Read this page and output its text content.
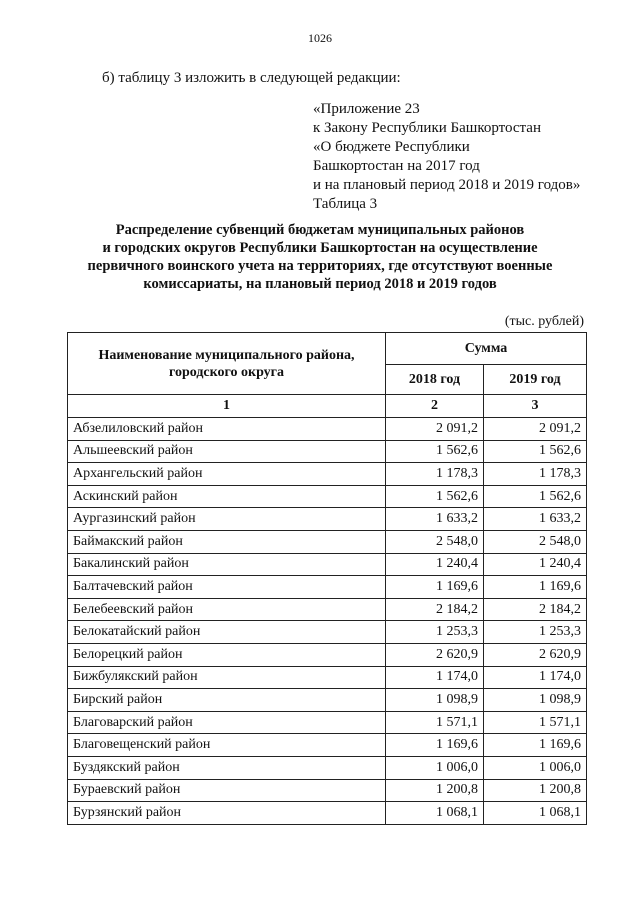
1026
б) таблицу 3 изложить в следующей редакции:
«Приложение 23
к Закону Республики Башкортостан
«О бюджете Республики
Башкортостан на 2017 год
и на плановый период 2018 и 2019 годов»
Таблица 3
Распределение субвенций бюджетам муниципальных районов
и городских округов Республики Башкортостан на осуществление
первичного воинского учета на территориях, где отсутствуют военные
комиссариаты, на плановый период 2018 и 2019 годов
(тыс. рублей)
Наименование муниципального района, городского округа	Сумма	
	2018 год	2019 год
1	2	3
Абзелиловский район	2 091,2	2 091,2
Альшеевский район	1 562,6	1 562,6
Архангельский район	1 178,3	1 178,3
Аскинский район	1 562,6	1 562,6
Аургазинский район	1 633,2	1 633,2
Баймакский район	2 548,0	2 548,0
Бакалинский район	1 240,4	1 240,4
Балтачевский район	1 169,6	1 169,6
Белебеевский район	2 184,2	2 184,2
Белокатайский район	1 253,3	1 253,3
Белорецкий район	2 620,9	2 620,9
Бижбулякский район	1 174,0	1 174,0
Бирский район	1 098,9	1 098,9
Благоварский район	1 571,1	1 571,1
Благовещенский район	1 169,6	1 169,6
Буздякский район	1 006,0	1 006,0
Бураевский район	1 200,8	1 200,8
Бурзянский район	1 068,1	1 068,1
